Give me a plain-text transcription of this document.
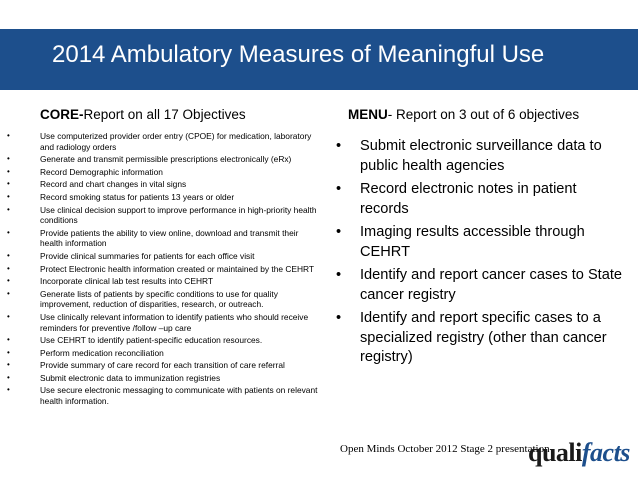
2014 Ambulatory Measures of Meaningful Use
CORE-Report on all 17 Objectives	MENU- Report on 3 out of 6 objectives
•	Use computerized provider order entry (CPOE) for medication, laboratory and radiology orders
•	Generate and transmit permissible prescriptions electronically (eRx)
•	Record Demographic information
•	Record and chart changes in vital signs
•	Record smoking status for patients 13 years or older
•	Use clinical decision support to improve performance in high-priority health conditions
•	Provide patients the ability to view online, download and transmit their health information
•	Provide clinical summaries for patients for each office visit
•	Protect Electronic health information created or maintained by the CEHRT
•	Incorporate clinical lab test results into CEHRT
•	Generate lists of patients by specific conditions to use for quality improvement, reduction of disparities, research, or outreach.
•	Use clinically relevant information to identify patients who should receive reminders for preventive /follow –up care
•	Use CEHRT to identify patient-specific education resources.
•	Perform medication reconciliation
•	Provide summary of care record for each transition of care referral
•	Submit electronic data to immunization registries
•	Use secure electronic messaging to communicate with patients on relevant health information.
• Submit electronic surveillance data to public health agencies
• Record electronic notes in patient records
• Imaging results accessible through CEHRT
• Identify and report cancer cases to State cancer registry
• Identify and report specific cases to a specialized registry (other than cancer registry)
Open Minds October 2012 Stage 2 presentation
qualifacts
